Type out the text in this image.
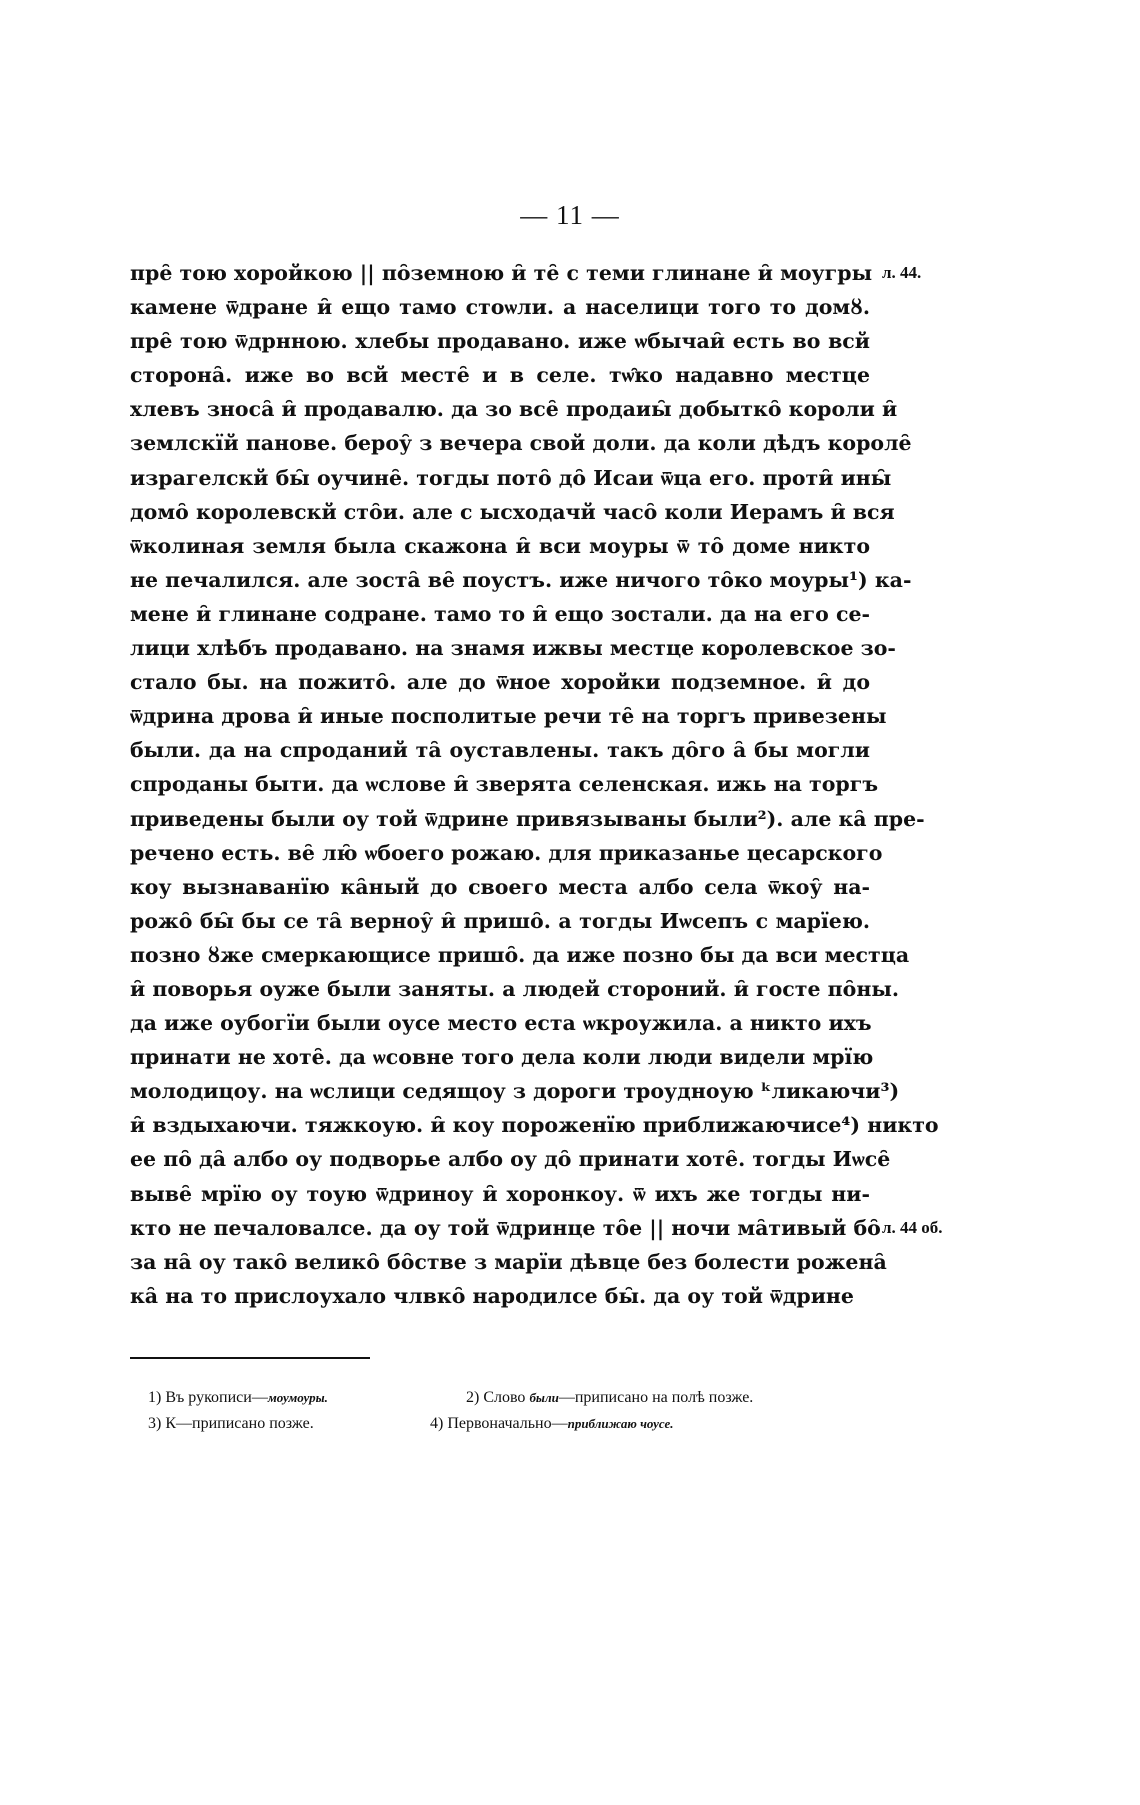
— 11 —
пре̑ тою хоройкою || по̑земною и̑ те̑ с теми глинане и̑ моугры л. 44.
камене ѿдране и̑ ещо тамо стоѡли. а населици того то домȣ.
пре̑ тою ѿдрнною. хлебы продавано. иже ѡбычаи̑ есть во всй
сторона̑. иже во всй месте̑ и в селе. тѡ̑ко надавно местце
хлевъ зноса̑ и̑ продавалю. да зо все̑ продаиы̑ добытко̑ короли и̑
землскїй панове. бероу̑ з вечера свой доли. да коли дѣдъ короле̑
израгелскй бы̑ оучине̑. тогды пото̑ до̑ Исаи ѿца его. проти̑ ины̑
домо̑ королевскй сто̑и. але с ысходачй часо̑ коли Иерамъ и̑ вся
ѿколиная земля была скажона и̑ вси моуры ѿ то̑ доме никто
не печалился. але зоста̑ ве̑ поустъ. иже ничого то̑ко моуры¹) ка-
мене и̑ глинане содране. тамо то и̑ ещо зостали. да на его се-
лици хлѣбъ продавано. на знамя ижвы местце королевское зо-
стало бы. на пожито̑. але до ѿное хоройки подземное. и̑ до
ѿдрина дрова и̑ иные посполитые речи те̑ на торгъ привезены
были. да на спроданий та̑ оуставлены. такъ до̑го а̑ бы могли
спроданы быти. да ѡслове и̑ зверята селенская. ижь на торгъ
приведены были оу той ѿдрине привязываны были²). але ка̑ пре-
речено есть. ве̑ лю̑ ѡбоего рожаю. для приказанье цесарского
коу вызнаванїю ка̑ный до своего места албо села ѿкоу̑ на-
рожо̑ бы̑ бы се та̑ верноу̑ и̑ пришо̑. а тогды Иѡсепъ с марїею.
позно ȣже смеркающисе пришо̑. да иже позно бы да вси местца
и̑ поворья оуже были заняты. а людей стороний. и̑ госте по̑ны.
да иже оубогїи были оусе место еста ѡкроужила. а никто ихъ
принати не хоте̑. да ѡсовне того дела коли люди видели мрїю
молодицоу. на ѡслици седящоу з дороги троудноую ᵏликаючи³)
и̑ вздыхаючи. тяжкоую. и̑ коу пороженїю приближаючисе⁴) никто
ее по̑ да̑ албо оу подворье албо оу до̑ принати хоте̑. тогды Иѡсе̑
выве̑ мрїю оу тоую ѿдриноу и̑ хоронкоу. ѿ ихъ же тогды ни-
кто не печаловалсе. да оу той ѿдринце то̑е || ночи ма̑тивый бо̑ л. 44 об.
за на̑ оу тако̑ велико̑ бо̑стве з марїи дѣвце без болести рожена̑
ка̑ на то прислоухало члвко̑ народилсе бы̑. да оу той ѿдрине
1) Въ рукописи—моумоуры.	2) Слово были—приписано на полѣ позже.
3) К—приписано позже.	4) Первоначально—приближаю чоусе.
